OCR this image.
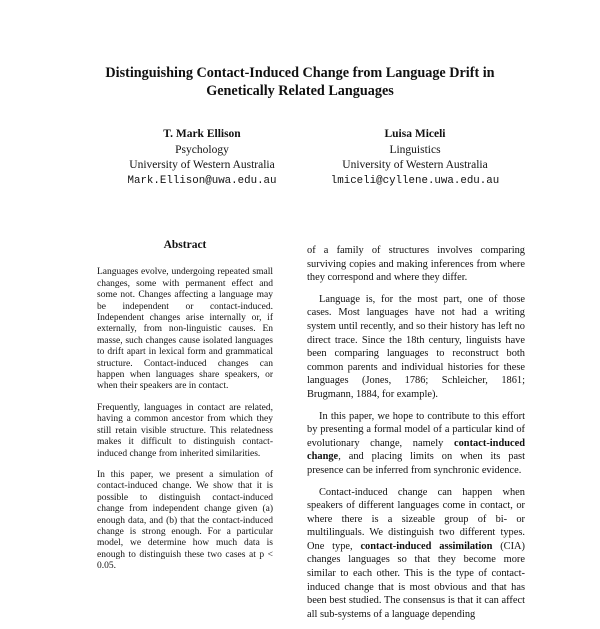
Distinguishing Contact-Induced Change from Language Drift in
Genetically Related Languages
T. Mark Ellison
Psychology
University of Western Australia
Mark.Ellison@uwa.edu.au
Luisa Miceli
Linguistics
University of Western Australia
lmiceli@cyllene.uwa.edu.au
Abstract

Languages evolve, undergoing repeated small changes, some with permanent effect and some not. Changes affecting a language may be independent or contact-induced. Independent changes arise internally or, if externally, from non-linguistic causes. En masse, such changes cause isolated languages to drift apart in lexical form and grammatical structure. Contact-induced changes can happen when languages share speakers, or when their speakers are in contact.

Frequently, languages in contact are related, having a common ancestor from which they still retain visible structure. This relatedness makes it difficult to distinguish contact-induced change from inherited similarities.

In this paper, we present a simulation of contact-induced change. We show that it is possible to distinguish contact-induced change from independent change given (a) enough data, and (b) that the contact-induced change is strong enough. For a particular model, we determine how much data is enough to distinguish these two cases at p < 0.05.

of a family of structures involves comparing surviving copies and making inferences from where they correspond and where they differ.

Language is, for the most part, one of those cases. Most languages have not had a writing system until recently, and so their history has left no direct trace. Since the 18th century, linguists have been comparing languages to reconstruct both common parents and individual histories for these languages (Jones, 1786; Schleicher, 1861; Brugmann, 1884, for example).

In this paper, we hope to contribute to this effort by presenting a formal model of a particular kind of evolutionary change, namely contact-induced change, and placing limits on when its past presence can be inferred from synchronic evidence.

Contact-induced change can happen when speakers of different languages come in contact, or where there is a sizeable group of bi- or multilinguals. We distinguish two different types. One type, contact-induced assimilation (CIA) changes languages so that they become more similar to each other. This is the type of contact-induced change that is most obvious and that has been best studied. The consensus is that it can affect all sub-systems of a language depending
